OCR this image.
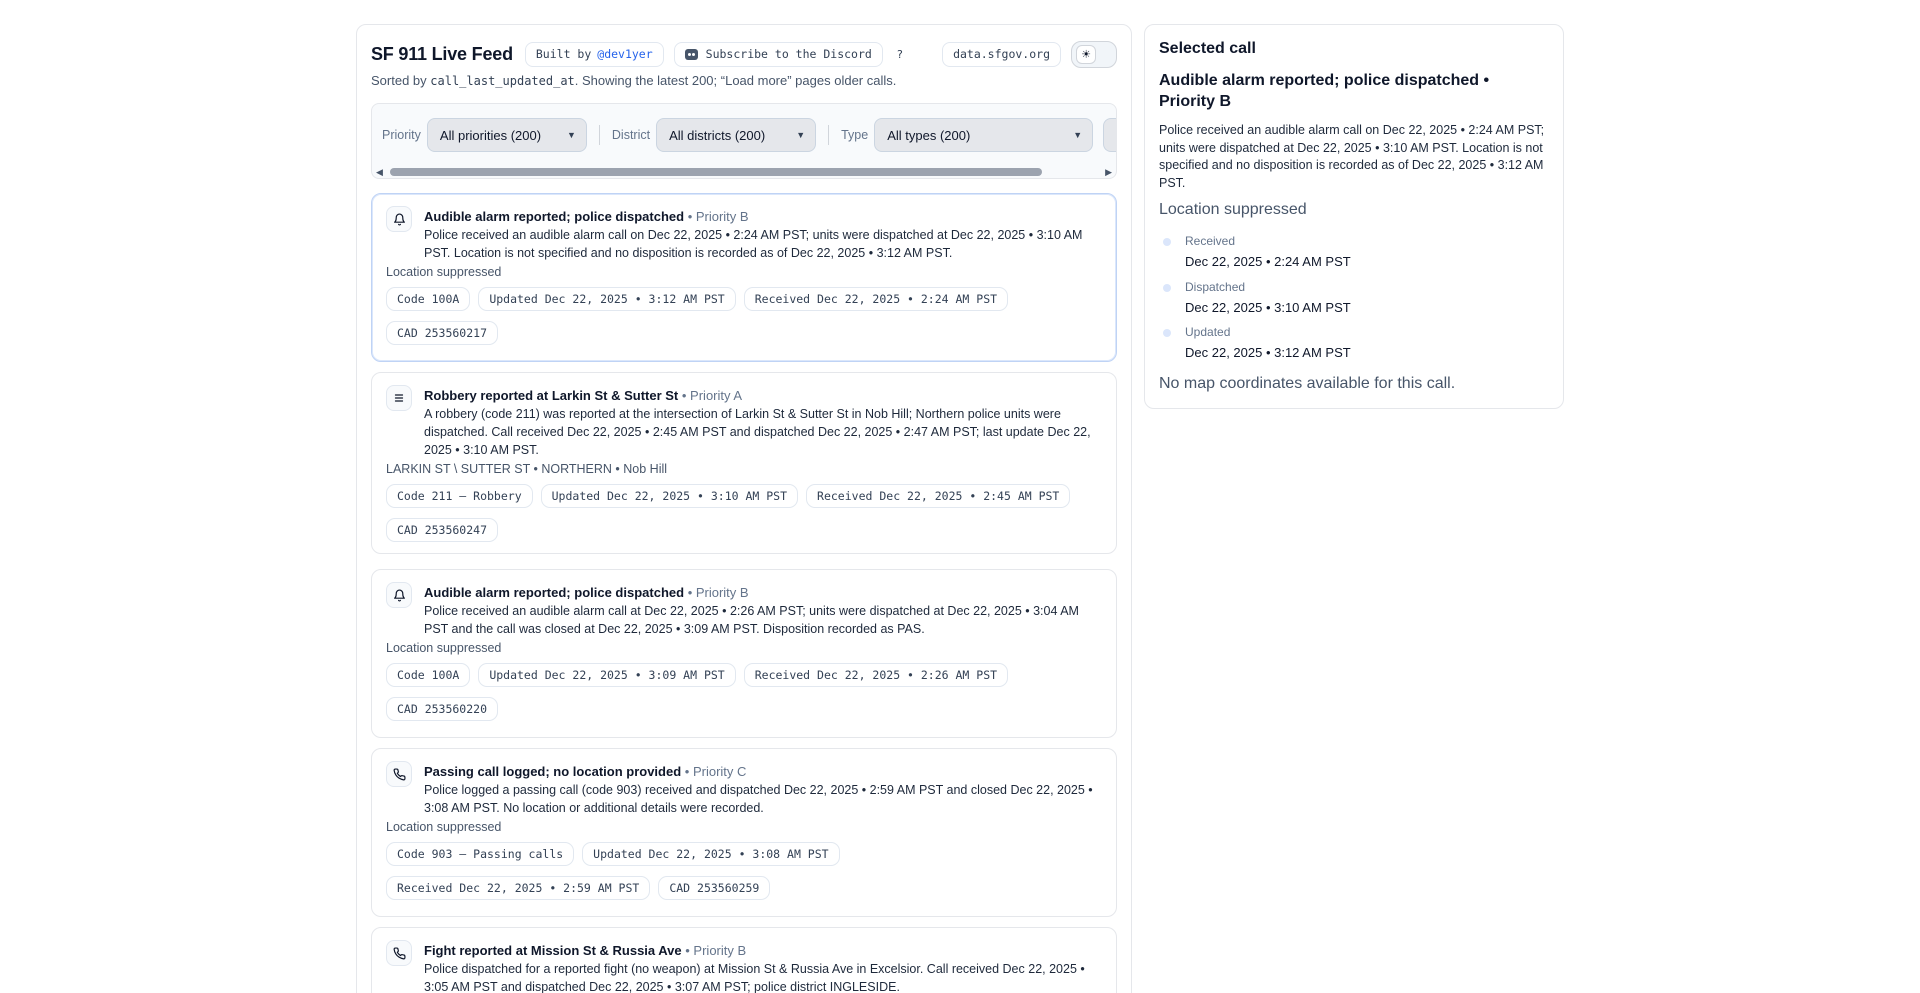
SF 911 Live Feed Built by @dev1yer	Subscribe to the Discord	?	data.sfgov.org	☀
Sorted by call_last_updated_at. Showing the latest 200; “Load more” pages older calls.
Priority All priorities (200)	▼	District All districts (200)	▼	Type All types (200)	▼
◀	▶
Audible alarm reported; police dispatched • Priority B
Police received an audible alarm call on Dec 22, 2025 • 2:24 AM PST; units were dispatched at Dec 22, 2025 • 3:10 AM PST. Location is not specified and no disposition is recorded as of Dec 22, 2025 • 3:12 AM PST.
Location suppressed
Code 100A	Updated Dec 22, 2025 • 3:12 AM PST	Received Dec 22, 2025 • 2:24 AM PST
CAD 253560217
Robbery reported at Larkin St & Sutter St • Priority A
A robbery (code 211) was reported at the intersection of Larkin St & Sutter St in Nob Hill; Northern police units were dispatched. Call received Dec 22, 2025 • 2:45 AM PST and dispatched Dec 22, 2025 • 2:47 AM PST; last update Dec 22, 2025 • 3:10 AM PST.
LARKIN ST \ SUTTER ST • NORTHERN • Nob Hill
Code 211 — Robbery	Updated Dec 22, 2025 • 3:10 AM PST	Received Dec 22, 2025 • 2:45 AM PST
CAD 253560247
Audible alarm reported; police dispatched • Priority B
Police received an audible alarm call at Dec 22, 2025 • 2:26 AM PST; units were dispatched at Dec 22, 2025 • 3:04 AM PST and the call was closed at Dec 22, 2025 • 3:09 AM PST. Disposition recorded as PAS.
Location suppressed
Code 100A	Updated Dec 22, 2025 • 3:09 AM PST	Received Dec 22, 2025 • 2:26 AM PST
CAD 253560220
Passing call logged; no location provided • Priority C
Police logged a passing call (code 903) received and dispatched Dec 22, 2025 • 2:59 AM PST and closed Dec 22, 2025 • 3:08 AM PST. No location or additional details were recorded.
Location suppressed
Code 903 — Passing calls	Updated Dec 22, 2025 • 3:08 AM PST
Received Dec 22, 2025 • 2:59 AM PST	CAD 253560259
Fight reported at Mission St & Russia Ave • Priority B
Police dispatched for a reported fight (no weapon) at Mission St & Russia Ave in Excelsior. Call received Dec 22, 2025 • 3:05 AM PST and dispatched Dec 22, 2025 • 3:07 AM PST; police district INGLESIDE.
Selected call
Audible alarm reported; police dispatched • Priority B
Police received an audible alarm call on Dec 22, 2025 • 2:24 AM PST; units were dispatched at Dec 22, 2025 • 3:10 AM PST. Location is not specified and no disposition is recorded as of Dec 22, 2025 • 3:12 AM PST.
Location suppressed
Received
Dec 22, 2025 • 2:24 AM PST
Dispatched
Dec 22, 2025 • 3:10 AM PST
Updated
Dec 22, 2025 • 3:12 AM PST
No map coordinates available for this call.
